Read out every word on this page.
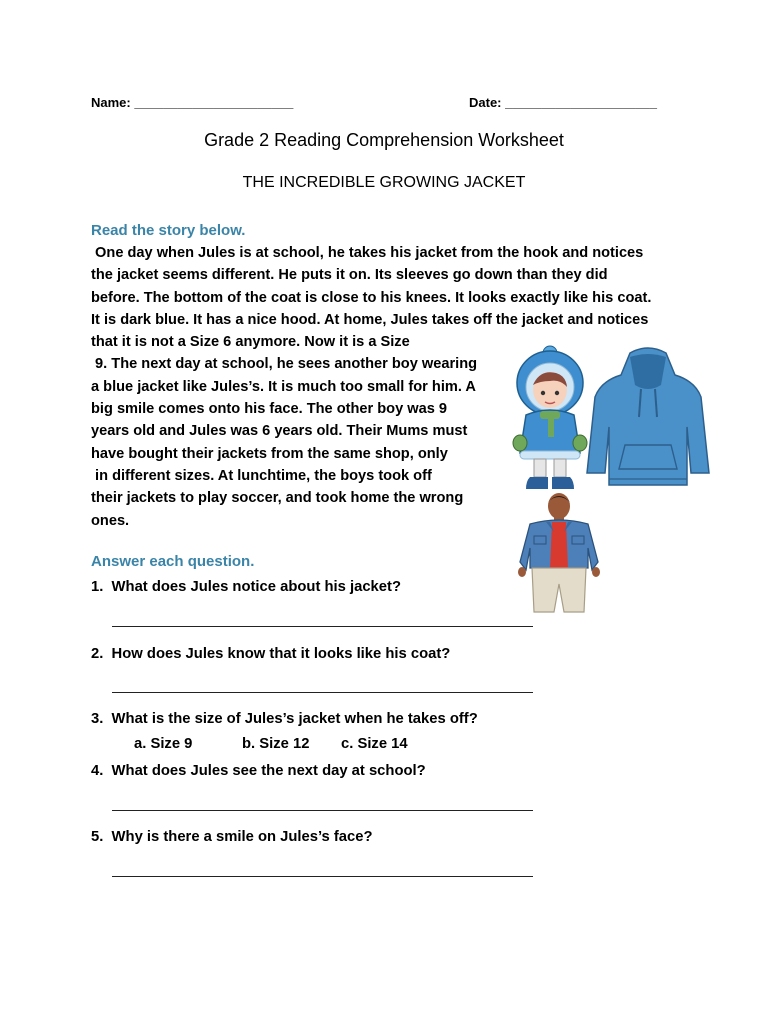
Name: ______________________	Date: _____________________
Grade 2 Reading Comprehension Worksheet
THE INCREDIBLE GROWING JACKET
Read the story below.
One day when Jules is at school, he takes his jacket from the hook and notices
the jacket seems different. He puts it on. Its sleeves go down than they did
before. The bottom of the coat is close to his knees. It looks exactly like his coat.
It is dark blue. It has a nice hood. At home, Jules takes off the jacket and notices
that it is not a Size 6 anymore. Now it is a Size
9. The next day at school, he sees another boy wearing
a blue jacket like Jules’s. It is much too small for him. A
big smile comes onto his face. The other boy was 9
years old and Jules was 6 years old. Their Mums must
have bought their jackets from the same shop, only
in different sizes. At lunchtime, the boys took off
their jackets to play soccer, and took home the wrong
ones.
Answer each question.
1.  What does Jules notice about his jacket?
2.  How does Jules know that it looks like his coat?
3.  What is the size of Jules’s jacket when he takes off?
a. Size 9	b. Size 12 c. Size 14
4.  What does Jules see the next day at school?
5.  Why is there a smile on Jules’s face?
